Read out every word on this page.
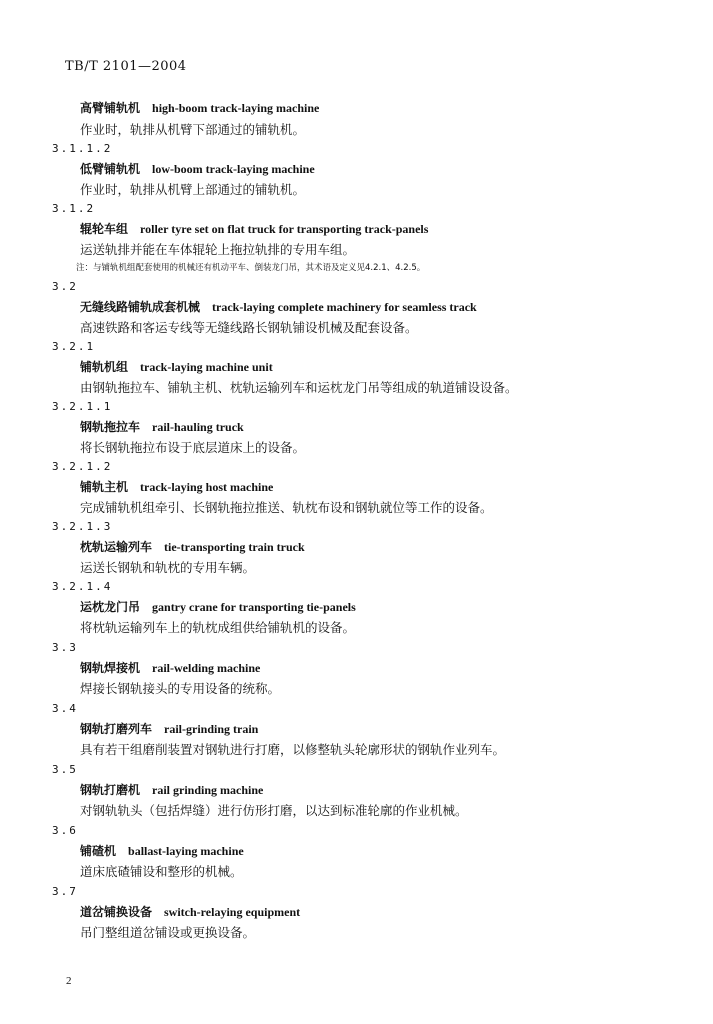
TB/T 2101—2004
高臂铺轨机 high-boom track-laying machine
作业时，轨排从机臂下部通过的铺轨机。
3.1.1.2
低臂铺轨机 low-boom track-laying machine
作业时，轨排从机臂上部通过的铺轨机。
3.1.2
辊轮车组 roller tyre set on flat truck for transporting track-panels
运送轨排并能在车体辊轮上拖拉轨排的专用车组。
注：与铺轨机组配套使用的机械还有机动平车、倒装龙门吊，其术语及定义见4.2.1、4.2.5。
3.2
无缝线路铺轨成套机械 track-laying complete machinery for seamless track
高速铁路和客运专线等无缝线路长钢轨铺设机械及配套设备。
3.2.1
铺轨机组 track-laying machine unit
由钢轨拖拉车、铺轨主机、枕轨运输列车和运枕龙门吊等组成的轨道铺设设备。
3.2.1.1
钢轨拖拉车 rail-hauling truck
将长钢轨拖拉布设于底层道床上的设备。
3.2.1.2
铺轨主机 track-laying host machine
完成铺轨机组牵引、长钢轨拖拉推送、轨枕布设和钢轨就位等工作的设备。
3.2.1.3
枕轨运输列车 tie-transporting train truck
运送长钢轨和轨枕的专用车辆。
3.2.1.4
运枕龙门吊 gantry crane for transporting tie-panels
将枕轨运输列车上的轨枕成组供给铺轨机的设备。
3.3
钢轨焊接机 rail-welding machine
焊接长钢轨接头的专用设备的统称。
3.4
钢轨打磨列车 rail-grinding train
具有若干组磨削装置对钢轨进行打磨，以修整轨头轮廓形状的钢轨作业列车。
3.5
钢轨打磨机 rail grinding machine
对钢轨轨头（包括焊缝）进行仿形打磨，以达到标准轮廓的作业机械。
3.6
铺碴机 ballast-laying machine
道床底碴铺设和整形的机械。
3.7
道岔铺换设备 switch-relaying equipment
吊门整组道岔铺设或更换设备。
2
